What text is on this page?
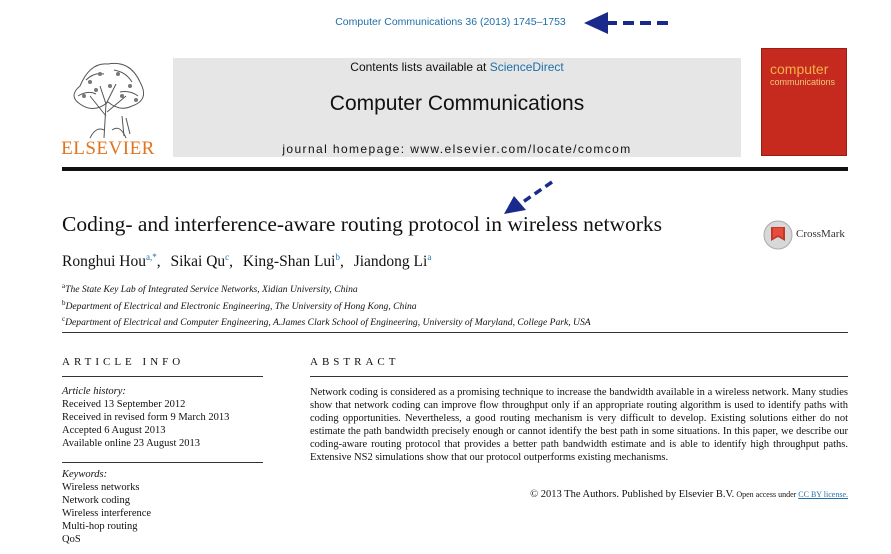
Computer Communications 36 (2013) 1745–1753
ELSEVIER
Contents lists available at ScienceDirect
Computer Communications
journal homepage: www.elsevier.com/locate/comcom
computer
communications
Coding- and interference-aware routing protocol in wireless networks	CrossMark
Ronghui Hou$^{a,*}$, Sikai Qu$^c$, King-Shan Lui$^b$, Jiandong Li$^a$
$^a$The State Key Lab of Integrated Service Networks, Xidian University, China
$^b$Department of Electrical and Electronic Engineering, The University of Hong Kong, China
$^c$Department of Electrical and Computer Engineering, A.James Clark School of Engineering, University of Maryland, College Park, USA
ARTICLE INFO	ABSTRACT
Article history:
Received 13 September 2012
Received in revised form 9 March 2013
Accepted 6 August 2013
Available online 23 August 2013
Keywords:
Wireless networks
Network coding
Wireless interference
Multi-hop routing
QoS
Network coding is considered as a promising technique to increase the bandwidth available in a wireless network. Many studies show that network coding can improve flow throughput only if an appropriate routing algorithm is used to identify paths with coding opportunities. Nevertheless, a good routing mechanism is very difficult to develop. Existing solutions either do not estimate the path bandwidth precisely enough or cannot identify the best path in some situations. In this paper, we describe our coding-aware routing protocol that provides a better path bandwidth estimate and is able to identify high throughput paths. Extensive NS2 simulations show that our protocol outperforms existing mechanisms.
© 2013 The Authors. Published by Elsevier B.V. Open access under CC BY license.
